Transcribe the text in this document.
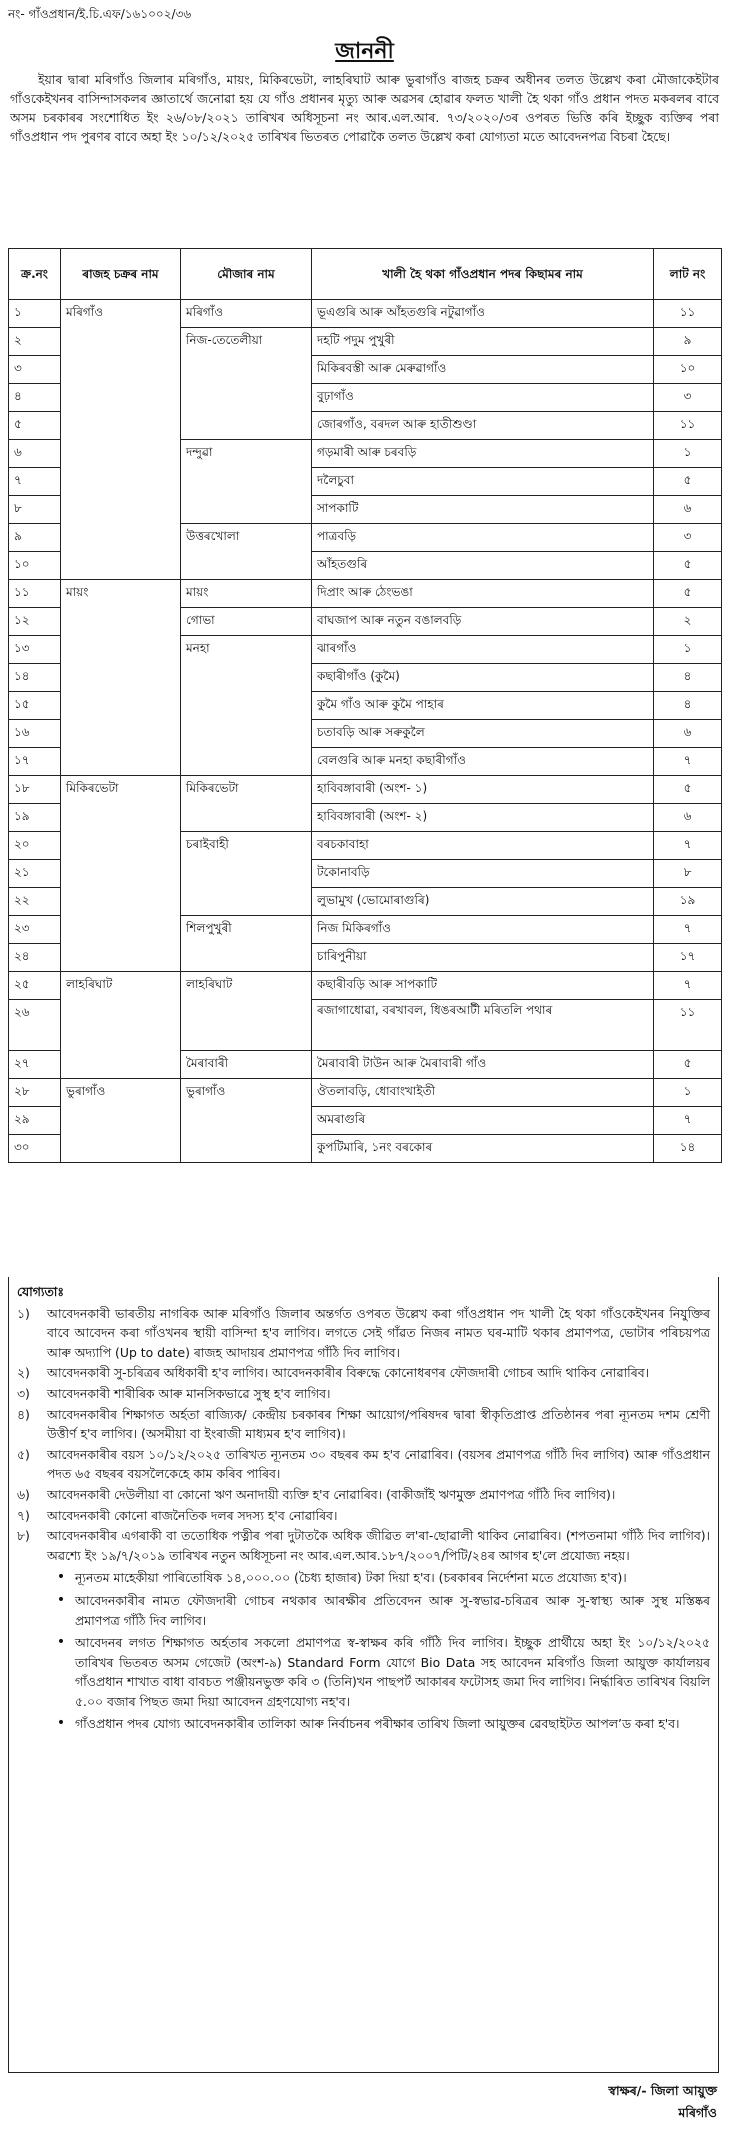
নং- গাঁওপ্ৰধান/ই.চি.এফ/১৬১০০২/৩৬
জাননী
ইয়াৰ দ্বাৰা মৰিগাঁও জিলাৰ মৰিগাঁও, মায়ং, মিকিৰভেটা, লাহৰিঘাট আৰু ভুৰাগাঁও ৰাজহ চক্ৰৰ অধীনৰ তলত উল্লেখ কৰা মৌজাকেইটাৰ গাঁওকেইখনৰ বাসিন্দাসকলৰ জ্ঞাতাৰ্থে জনোৱা হয় যে গাঁও প্ৰধানৰ মৃত্যু আৰু অৱসৰ হোৱাৰ ফলত খালী হৈ থকা গাঁও প্ৰধান পদত মকৰলৰ বাবে অসম চৰকাৰৰ সংশোধিত ইং ২৬/০৮/২০২১ তাৰিখৰ অধিসূচনা নং আৰ.এল.আৰ. ৭৩/২০২০/৩ৰ ওপৰত ভিত্তি কৰি ইচ্ছুক ব্যক্তিৰ পৰা গাঁওপ্ৰধান পদ পুৰণৰ বাবে অহা ইং ১০/১২/২০২৫ তাৰিখৰ ভিতৰত পোৱাকৈ তলত উল্লেখ কৰা যোগ্যতা মতে আবেদনপত্ৰ বিচৰা হৈছে।
ক্ৰ.নং	ৰাজহ চক্ৰৰ নাম	মৌজাৰ নাম	খালী হৈ থকা গাঁওপ্ৰধান পদৰ কিছামৰ নাম	লাট নং
১	মৰিগাঁও	মৰিগাঁও	ভূএগুৰি আৰু আঁহতগুৰি নটুৱাগাঁও	১১
২		নিজ-তেতেলীয়া	দহটি পদুম পুখুৰী	৯
৩			মিকিৰবস্তী আৰু মেৰুৱাগাঁও	১০
৪			বুঢ়াগাঁও	৩
৫			জোৰগাঁও, বৰদল আৰু হাতীশুণ্ডা	১১
৬		দন্দুৱা	গড়মাৰী আৰু চৰবড়ি	১
৭			দলৈচুবা	৫
৮			সাপকাটি	৬
৯		উত্তৰখোলা	পাত্ৰবড়ি	৩
১০			আঁহতগুৰি	৫
১১	মায়ং	মায়ং	দিপ্ৰাং আৰু ঠেংভঙা	৫
১২		গোভা	বাঘজাপ আৰু নতুন বঙালবড়ি	২
১৩		মনহা	ঝাৰগাঁও	১
১৪			কছাৰীগাঁও (কুমৈ)	৪
১৫			কুমৈ গাঁও আৰু কুমৈ পাহাৰ	৪
১৬			চতাবড়ি আৰু সৰুকুলৈ	৬
১৭			বেলগুৰি আৰু মনহা কছাৰীগাঁও	৭
১৮	মিকিৰভেটা	মিকিৰভেটা	হাবিবঙ্গাবাৰী (অংশ- ১)	৫
১৯			হাবিবঙ্গাবাৰী (অংশ- ২)	৬
২০		চৰাইবাহী	বৰচকাবাহা	৭
২১			টকোনাবড়ি	৮
২২			লুভামুখ (ভোমোৰাগুৰি)	১৯
২৩		শিলপুখুৰী	নিজ মিকিৰগাঁও	৭
২৪			চাৰিপুনীয়া	১৭
২৫	লাহৰিঘাট	লাহৰিঘাট	কছাৰীবড়ি আৰু সাপকাটি	৭
২৬			ৰজাগাধোৱা, বৰখাবল, ধিঙৰআটী মৰিতলি পথাৰ	১১
২৭		মৈৰাবাৰী	মৈৰাবাৰী টাউন আৰু মৈৰাবাৰী গাঁও	৫
২৮	ভুৰাগাঁও	ভুৰাগাঁও	ঔতলাবড়ি, ধোবাংখাইতী	১
২৯			অমৰাগুৰি	৭
৩০			কুপটিমাৰি, ১নং বৰকোৰ	১৪
যোগ্যতাঃ
১)	আবেদনকাৰী ভাৰতীয় নাগৰিক আৰু মৰিগাঁও জিলাৰ অন্তৰ্গত ওপৰত উল্লেখ কৰা গাঁওপ্ৰধান পদ খালী হৈ থকা গাঁওকেইখনৰ নিযুক্তিৰ বাবে আবেদন কৰা গাঁওখনৰ স্থায়ী বাসিন্দা হ'ব লাগিব। লগতে সেই গাঁৱত নিজৰ নামত ঘৰ-মাটি থকাৰ প্ৰমাণপত্ৰ, ভোটাৰ পৰিচয়পত্ৰ আৰু অদ্যাপি (Up to date) ৰাজহ আদায়ৰ প্ৰমাণপত্ৰ গাঁঠি দিব লাগিব।
২)	আবেদনকাৰী সু-চৰিত্ৰৰ অধিকাৰী হ'ব লাগিব। আবেদনকাৰীৰ বিৰুদ্ধে কোনোধৰণৰ ফৌজদাৰী গোচৰ আদি থাকিব নোৱাৰিব।
৩)	আবেদনকাৰী শাৰীৰিক আৰু মানসিকভাৱে সুস্থ হ'ব লাগিব।
৪)	আবেদনকাৰীৰ শিক্ষাগত অৰ্হতা ৰাজ্যিক/ কেন্দ্ৰীয় চৰকাৰৰ শিক্ষা আয়োগ/পৰিষদৰ দ্বাৰা স্বীকৃতিপ্ৰাপ্ত প্ৰতিষ্ঠানৰ পৰা ন্যূনতম দশম শ্ৰেণী উত্তীৰ্ণ হ'ব লাগিব। (অসমীয়া বা ইংৰাজী মাধ্যমৰ হ'ব লাগিব)।
৫)	আবেদনকাৰীৰ বয়স ১০/১২/২০২৫ তাৰিখত ন্যূনতম ৩০ বছৰৰ কম হ'ব নোৱাৰিব। (বয়সৰ প্ৰমাণপত্ৰ গাঁঠি দিব লাগিব) আৰু গাঁওপ্ৰধান পদত ৬৫ বছৰৰ বয়সলৈকেহে কাম কৰিব পাৰিব।
৬)	আবেদনকাৰী দেউলীয়া বা কোনো ঋণ অনাদায়ী ব্যক্তি হ'ব নোৱাৰিব। (বাকীজাঁই ঋণমুক্ত প্ৰমাণপত্ৰ গাঁঠি দিব লাগিব)।
৭)	আবেদনকাৰী কোনো ৰাজনৈতিক দলৰ সদস্য হ'ব নোৱাৰিব।
৮)	আবেদনকাৰীৰ এগৰাকী বা ততোধিক পত্নীৰ পৰা দুটাতকৈ অধিক জীৱিত ল'ৰা-ছোৱালী থাকিব নোৱাৰিব। (শপতনামা গাঁঠি দিব লাগিব)। অৱশ্যে ইং ১৯/৭/২০১৯ তাৰিখৰ নতুন অধিসূচনা নং আৰ.এল.আৰ.১৮৭/২০০৭/পিটি/২৪ৰ আগৰ হ'লে প্ৰযোজ্য নহয়।
• ন্যূনতম মাহেকীয়া পাৰিতোষিক ১৪,০০০.০০ (চৈধ্য হাজাৰ) টকা দিয়া হ'ব। (চৰকাৰৰ নিৰ্দেশনা মতে প্ৰযোজ্য হ'ব)।
• আবেদনকাৰীৰ নামত ফৌজদাৰী গোচৰ নথকাৰ আৰক্ষীৰ প্ৰতিবেদন আৰু সু-স্বভাৱ-চৰিত্ৰৰ আৰু সু-স্বাস্থ্য আৰু সুস্থ মস্তিষ্কৰ প্ৰমাণপত্ৰ গাঁঠি দিব লাগিব।
• আবেদনৰ লগত শিক্ষাগত অৰ্হতাৰ সকলো প্ৰমাণপত্ৰ স্ব-স্বাক্ষৰ কৰি গাঁঠি দিব লাগিব। ইচ্ছুক প্ৰাৰ্থীয়ে অহা ইং ১০/১২/২০২৫ তাৰিখৰ ভিতৰত অসম গেজেট (অংশ-৯) Standard Form যোগে Bio Data সহ আবেদন মৰিগাঁও জিলা আয়ুক্ত কাৰ্যালয়ৰ গাঁওপ্ৰধান শাখাত বাধা বাবচত পঞ্জীয়নভুক্ত কৰি ৩ (তিনি)খন পাছপৰ্ট আকাৰৰ ফটোসহ জমা দিব লাগিব। নিৰ্দ্ধাৰিত তাৰিখৰ বিয়লি ৫.০০ বজাৰ পিছত জমা দিয়া আবেদন গ্ৰহণযোগ্য নহ'ব।
• গাঁওপ্ৰধান পদৰ যোগ্য আবেদনকাৰীৰ তালিকা আৰু নিৰ্বাচনৰ পৰীক্ষাৰ তাৰিখ জিলা আয়ুক্তৰ ৱেবছাইটত আপলʼড কৰা হ'ব।
স্বাক্ষৰ/- জিলা আয়ুক্ত
মৰিগাঁও
